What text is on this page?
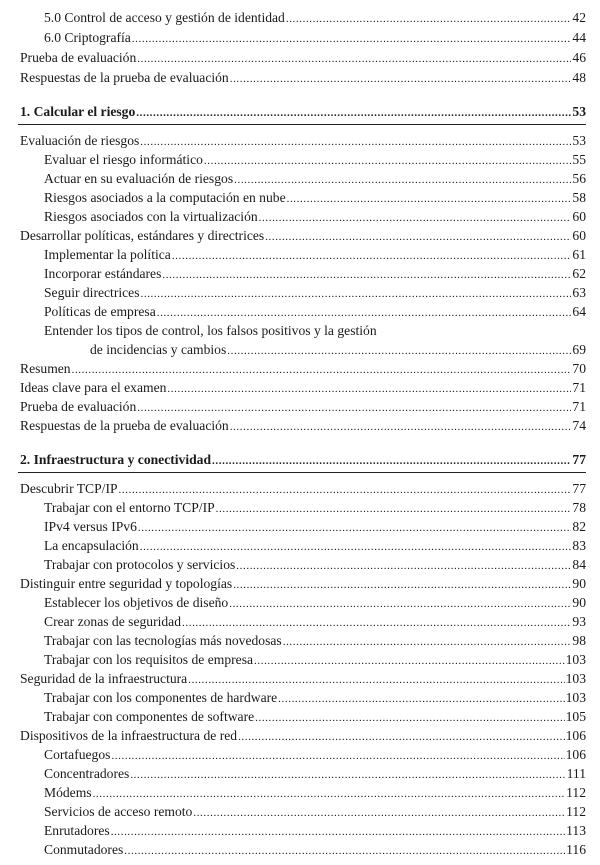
5.0 Control de acceso y gestión de identidad .....	42
6.0 Criptografía .....	44
Prueba de evaluación .....	46
Respuestas de la prueba de evaluación .....	48
1. Calcular el riesgo .....	53
Evaluación de riesgos .....	53
Evaluar el riesgo informático .....	55
Actuar en su evaluación de riesgos .....	56
Riesgos asociados a la computación en nube .....	58
Riesgos asociados con la virtualización .....	60
Desarrollar políticas, estándares y directrices .....	60
Implementar la política .....	61
Incorporar estándares .....	62
Seguir directrices .....	63
Políticas de empresa .....	64
Entender los tipos de control, los falsos positivos y la gestión
de incidencias y cambios .....	69
Resumen .....	70
Ideas clave para el examen .....	71
Prueba de evaluación .....	71
Respuestas de la prueba de evaluación .....	74
2. Infraestructura y conectividad .....	77
Descubrir TCP/IP .....	77
Trabajar con el entorno TCP/IP .....	78
IPv4 versus IPv6 .....	82
La encapsulación .....	83
Trabajar con protocolos y servicios .....	84
Distinguir entre seguridad y topologías .....	90
Establecer los objetivos de diseño .....	90
Crear zonas de seguridad .....	93
Trabajar con las tecnologías más novedosas .....	98
Trabajar con los requisitos de empresa .....	103
Seguridad de la infraestructura .....	103
Trabajar con los componentes de hardware .....	103
Trabajar con componentes de software .....	105
Dispositivos de la infraestructura de red .....	106
Cortafuegos .....	106
Concentradores .....	111
Módems .....	112
Servicios de acceso remoto .....	112
Enrutadores .....	113
Conmutadores .....	116
